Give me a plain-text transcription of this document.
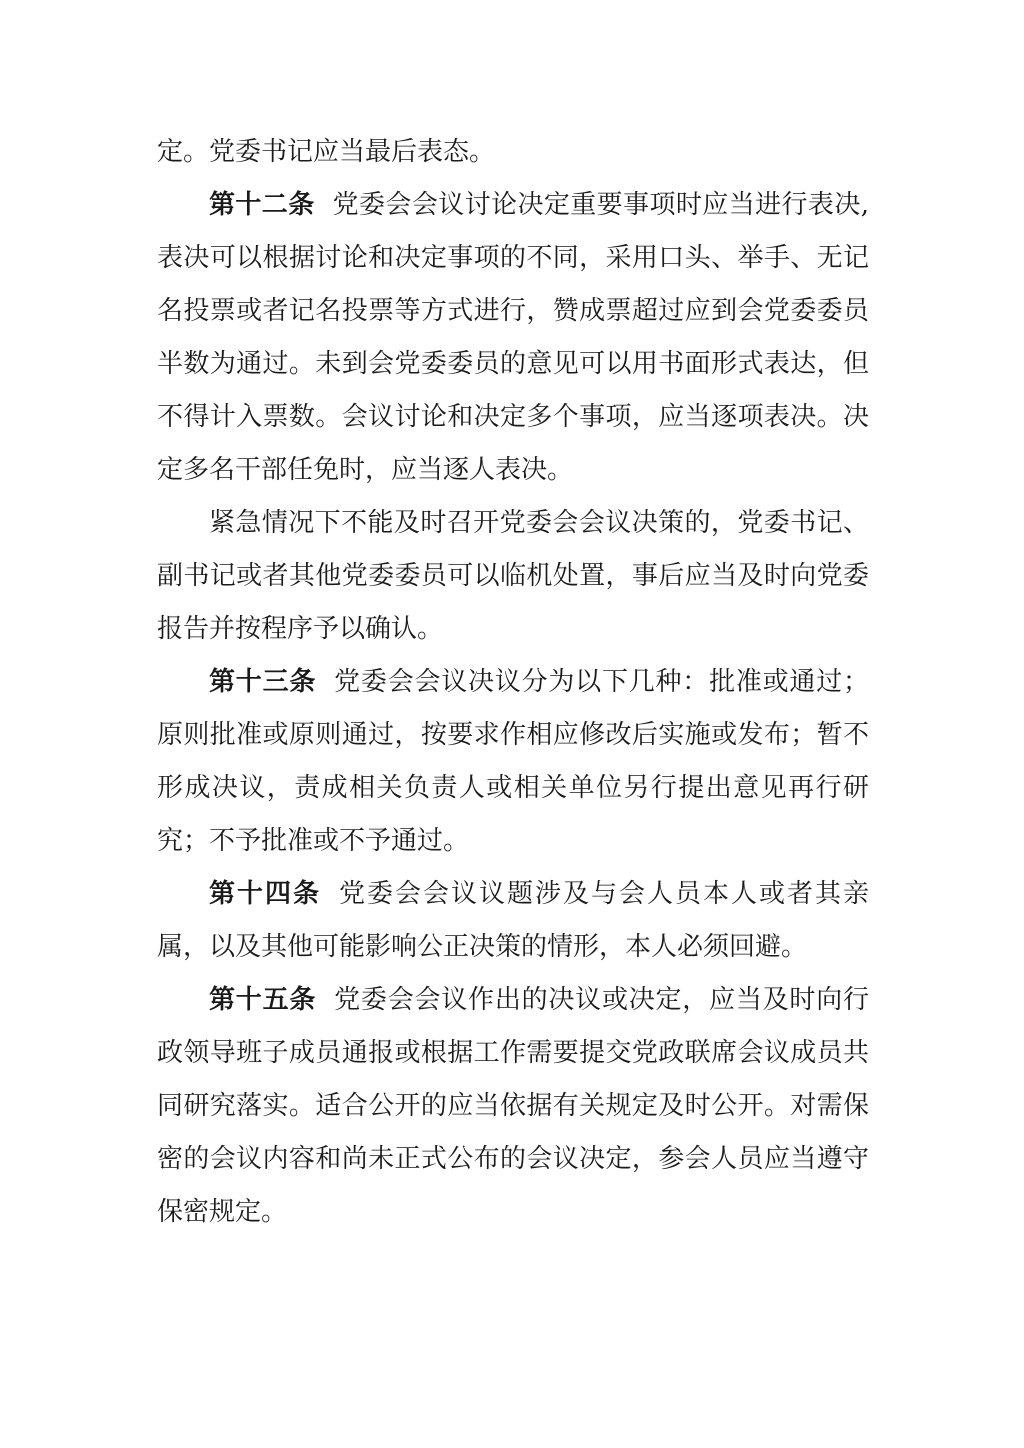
定。党委书记应当最后表态。

第十二条 党委会会议讨论决定重要事项时应当进行表决,表决可以根据讨论和决定事项的不同，采用口头、举手、无记名投票或者记名投票等方式进行，赞成票超过应到会党委委员半数为通过。未到会党委委员的意见可以用书面形式表达，但不得计入票数。会议讨论和决定多个事项，应当逐项表决。决定多名干部任免时，应当逐人表决。

紧急情况下不能及时召开党委会会议决策的，党委书记、副书记或者其他党委委员可以临机处置，事后应当及时向党委报告并按程序予以确认。

第十三条 党委会会议决议分为以下几种：批准或通过；原则批准或原则通过，按要求作相应修改后实施或发布；暂不形成决议，责成相关负责人或相关单位另行提出意见再行研究；不予批准或不予通过。

第十四条 党委会会议议题涉及与会人员本人或者其亲属，以及其他可能影响公正决策的情形，本人必须回避。

第十五条 党委会会议作出的决议或决定，应当及时向行政领导班子成员通报或根据工作需要提交党政联席会议成员共同研究落实。适合公开的应当依据有关规定及时公开。对需保密的会议内容和尚未正式公布的会议决定，参会人员应当遵守保密规定。
